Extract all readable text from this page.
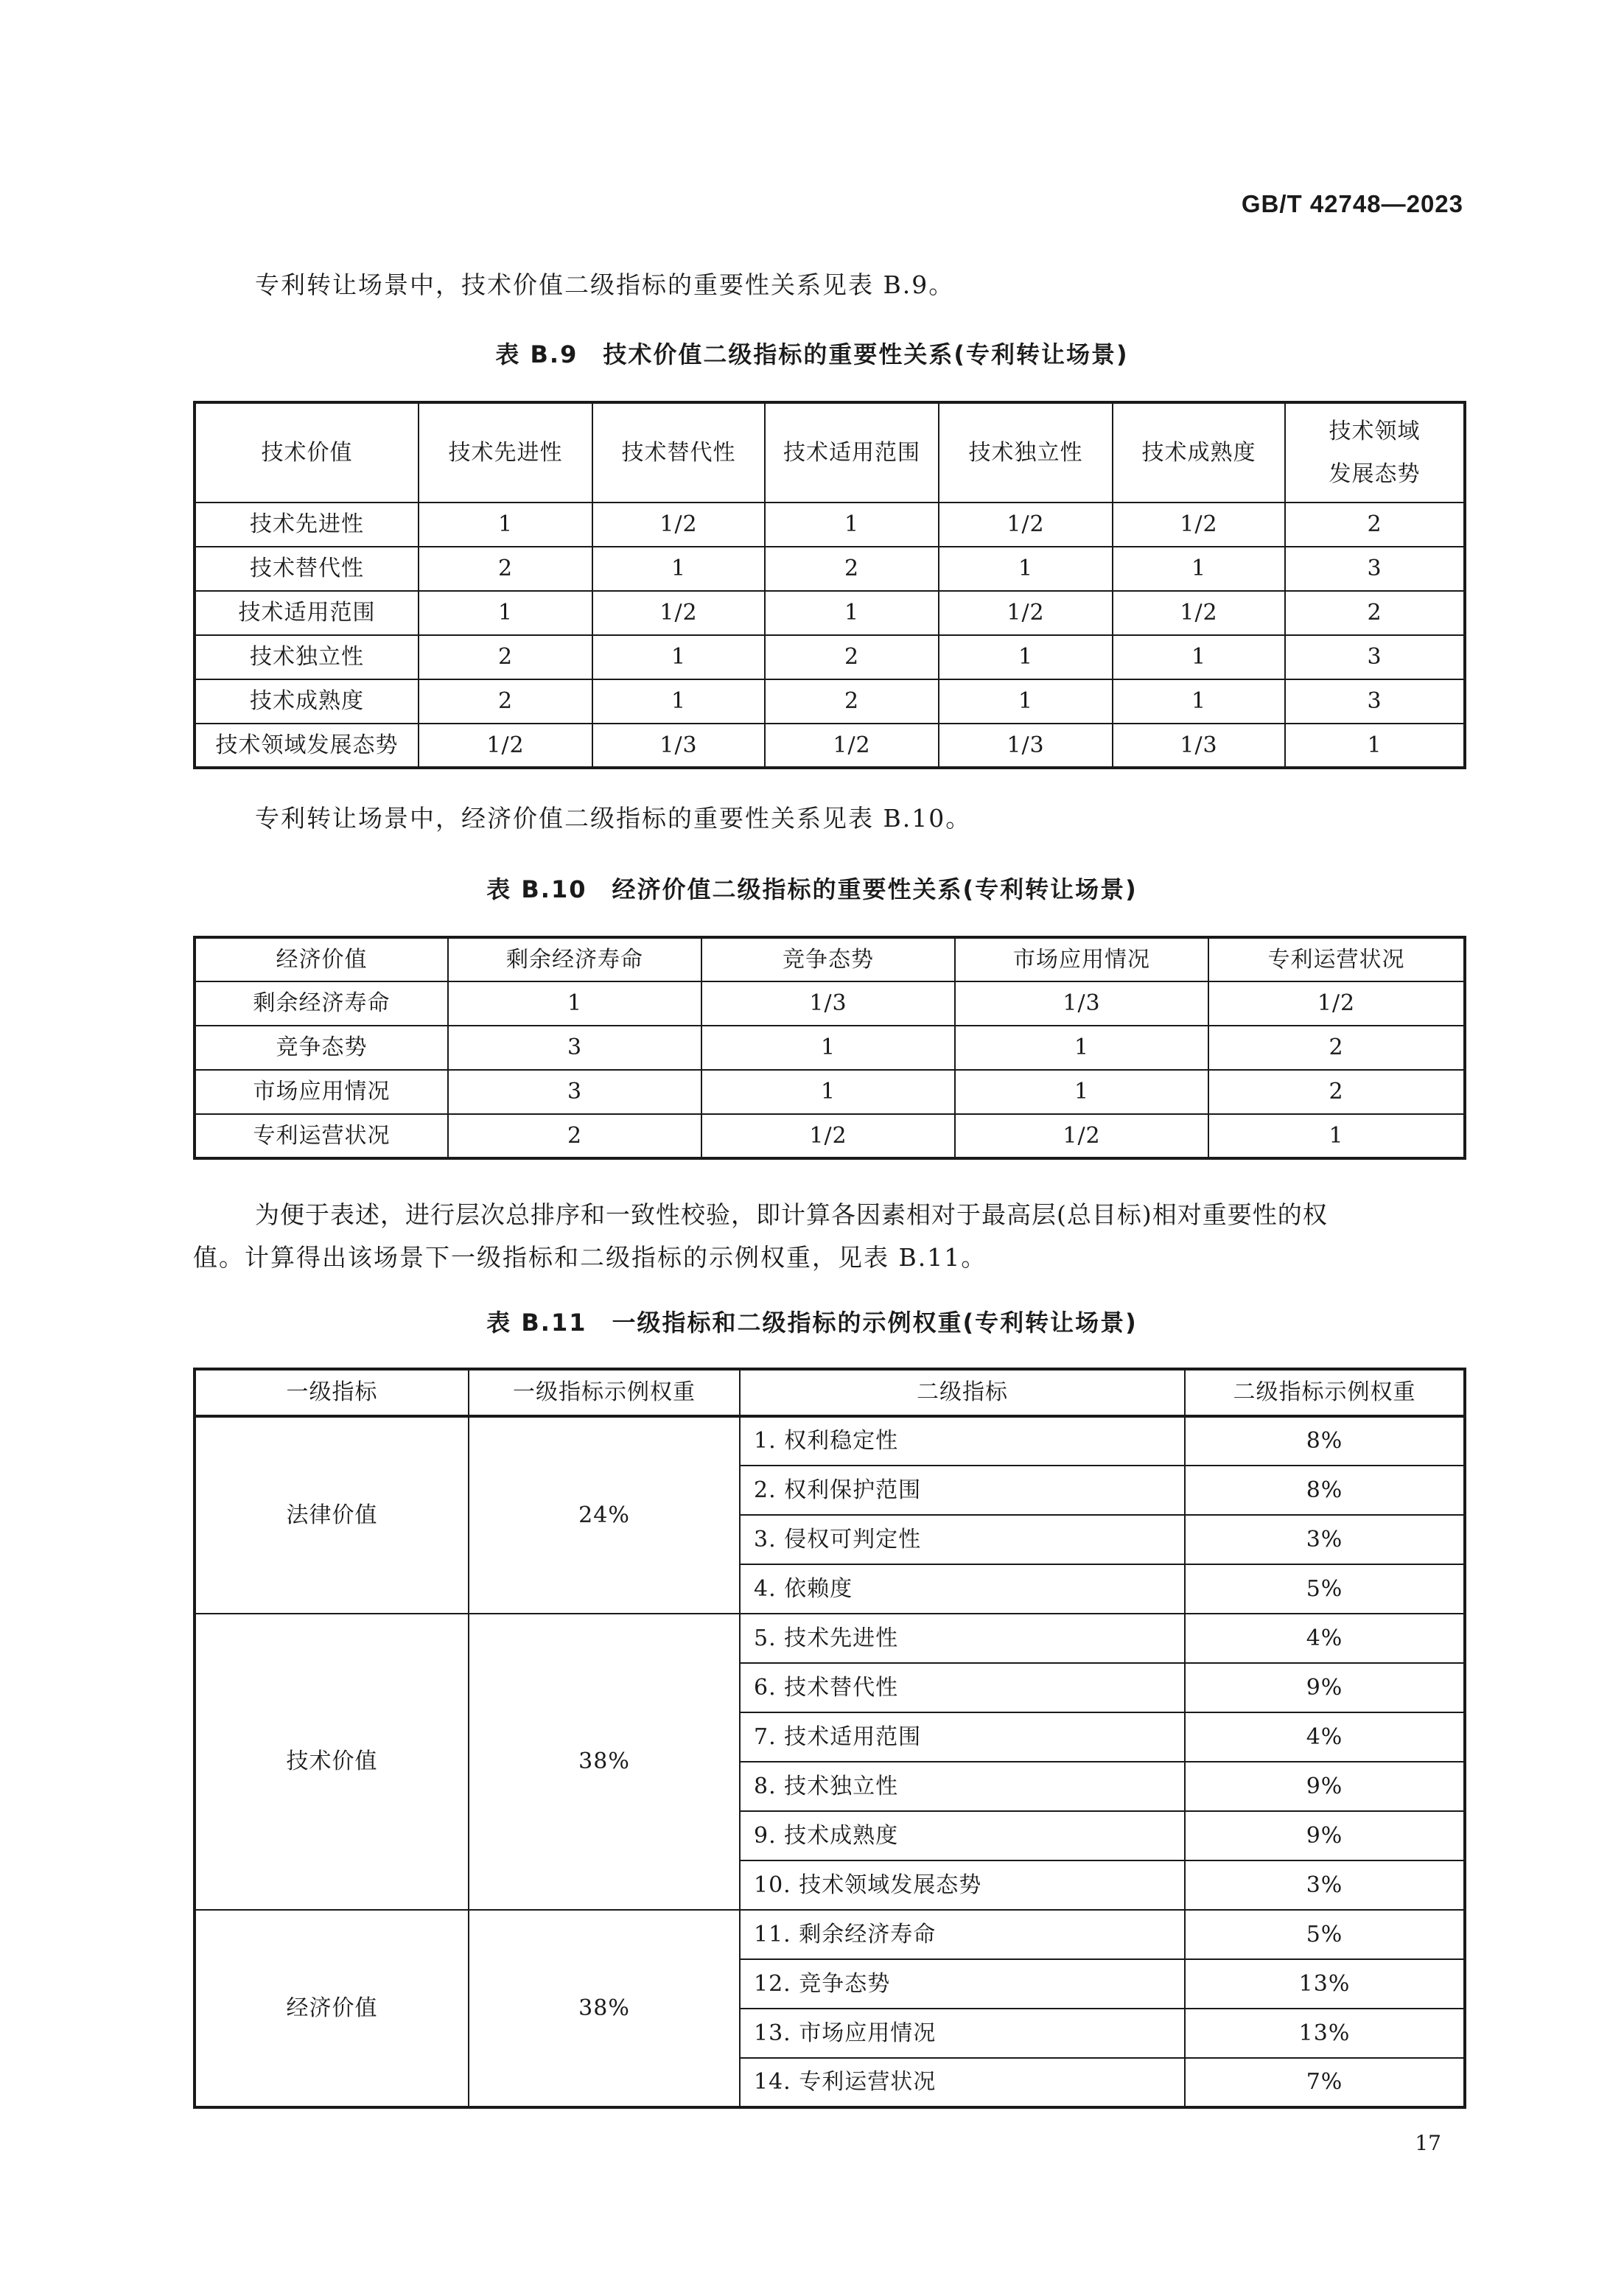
GB/T 42748—2023
专利转让场景中，技术价值二级指标的重要性关系见表 B.9。
表 B.9　技术价值二级指标的重要性关系(专利转让场景)
技术价值	技术先进性	技术替代性	技术适用范围	技术独立性	技术成熟度	技术领域
发展态势

技术先进性	1	1/2	1	1/2	1/2	2
技术替代性	2	1	2	1	1	3
技术适用范围	1	1/2	1	1/2	1/2	2
技术独立性	2	1	2	1	1	3
技术成熟度	2	1	2	1	1	3
技术领域发展态势	1/2	1/3	1/2	1/3	1/3	1
专利转让场景中，经济价值二级指标的重要性关系见表 B.10。
表 B.10　经济价值二级指标的重要性关系(专利转让场景)
经济价值	剩余经济寿命	竞争态势	市场应用情况	专利运营状况
剩余经济寿命	1	1/3	1/3	1/2
竞争态势	3	1	1	2
市场应用情况	3	1	1	2
专利运营状况	2	1/2	1/2	1
为便于表述，进行层次总排序和一致性校验，即计算各因素相对于最高层(总目标)相对重要性的权
值。计算得出该场景下一级指标和二级指标的示例权重，见表 B.11。
表 B.11　一级指标和二级指标的示例权重(专利转让场景)
一级指标	一级指标示例权重	二级指标	二级指标示例权重
法律价值	24%	1. 权利稳定性	8%
		2. 权利保护范围	8%
		3. 侵权可判定性	3%
		4. 依赖度	5%
技术价值	38%	5. 技术先进性	4%
		6. 技术替代性	9%
		7. 技术适用范围	4%
		8. 技术独立性	9%
		9. 技术成熟度	9%
		10. 技术领域发展态势	3%
经济价值	38%	11. 剩余经济寿命	5%
		12. 竞争态势	13%
		13. 市场应用情况	13%
		14. 专利运营状况	7%
17
